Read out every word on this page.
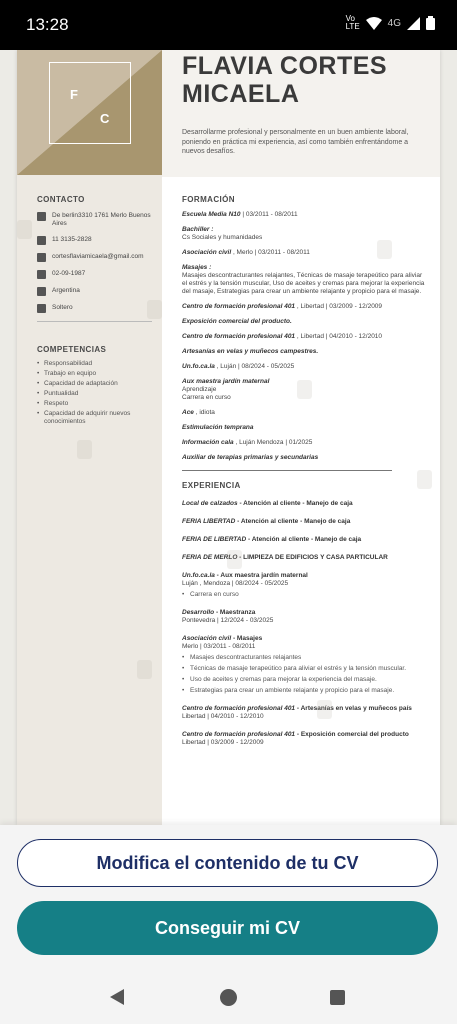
13:28	Vo
LTE	4G
F
C
CONTACTO
De berlin3310 1761 Merlo Buenos Aires
11 3135-2828
cortesflaviamicaela@gmail.com
02-09-1987
Argentina
Soltero
COMPETENCIAS
• Responsabilidad
• Trabajo en equipo
• Capacidad de adaptación
• Puntualidad
• Respeto
• Capacidad de adquirir nuevos conocimientos
FLAVIA CORTES
MICAELA
Desarrollarme profesional y personalmente en un buen ambiente laboral, poniendo en práctica mi experiencia, así como también enfrentándome a nuevos desafíos.
FORMACIÓN
Escuela Media N10 | 03/2011 - 08/2011
Bachiller :
Cs Sociales y humanidades
Asociación civil , Merlo | 03/2011 - 08/2011
Masajes :
Masajes descontracturantes relajantes, Técnicas de masaje terapeútico para aliviar el estrés y la tensión muscular, Uso de aceites y cremas para mejorar la experiencia del masaje, Estrategias para crear un ambiente relajante y propicio para el masaje.
Centro de formación profesional 401 , Libertad | 03/2009 - 12/2009
Exposición comercial del producto.
Centro de formación profesional 401 , Libertad | 04/2010 - 12/2010
Artesanías en velas y muñecos campestres.
Un.fo.ca.la , Luján | 08/2024 - 05/2025
Aux maestra jardín maternal
Aprendizaje
Carrera en curso
Ace , idiota
Estimulación temprana
Información cala , Luján Mendoza | 01/2025
Auxiliar de terapias primarias y secundarias
EXPERIENCIA
Local de calzados - Atención al cliente - Manejo de caja
FERIA LIBERTAD - Atención al cliente - Manejo de caja
FERIA DE LIBERTAD - Atención al cliente - Manejo de caja
FERIA DE MERLO - LIMPIEZA DE EDIFICIOS Y CASA PARTICULAR
Un.fo.ca.la - Aux maestra jardín maternal
Luján , Mendoza | 08/2024 - 05/2025
• Carrera en curso
Desarrollo - Maestranza
Pontevedra | 12/2024 - 03/2025
Asociación civil - Masajes
Merlo | 03/2011 - 08/2011
• Masajes descontracturantes relajantes
• Técnicas de masaje terapeútico para aliviar el estrés y la tensión muscular.
• Uso de aceites y cremas para mejorar la experiencia del masaje.
• Estrategias para crear un ambiente relajante y propicio para el masaje.
Centro de formación profesional 401 - Artesanías en velas y muñecos país
Libertad | 04/2010 - 12/2010
Centro de formación profesional 401 - Exposición comercial del producto
Libertad | 03/2009 - 12/2009
Modifica el contenido de tu CV
Conseguir mi CV
